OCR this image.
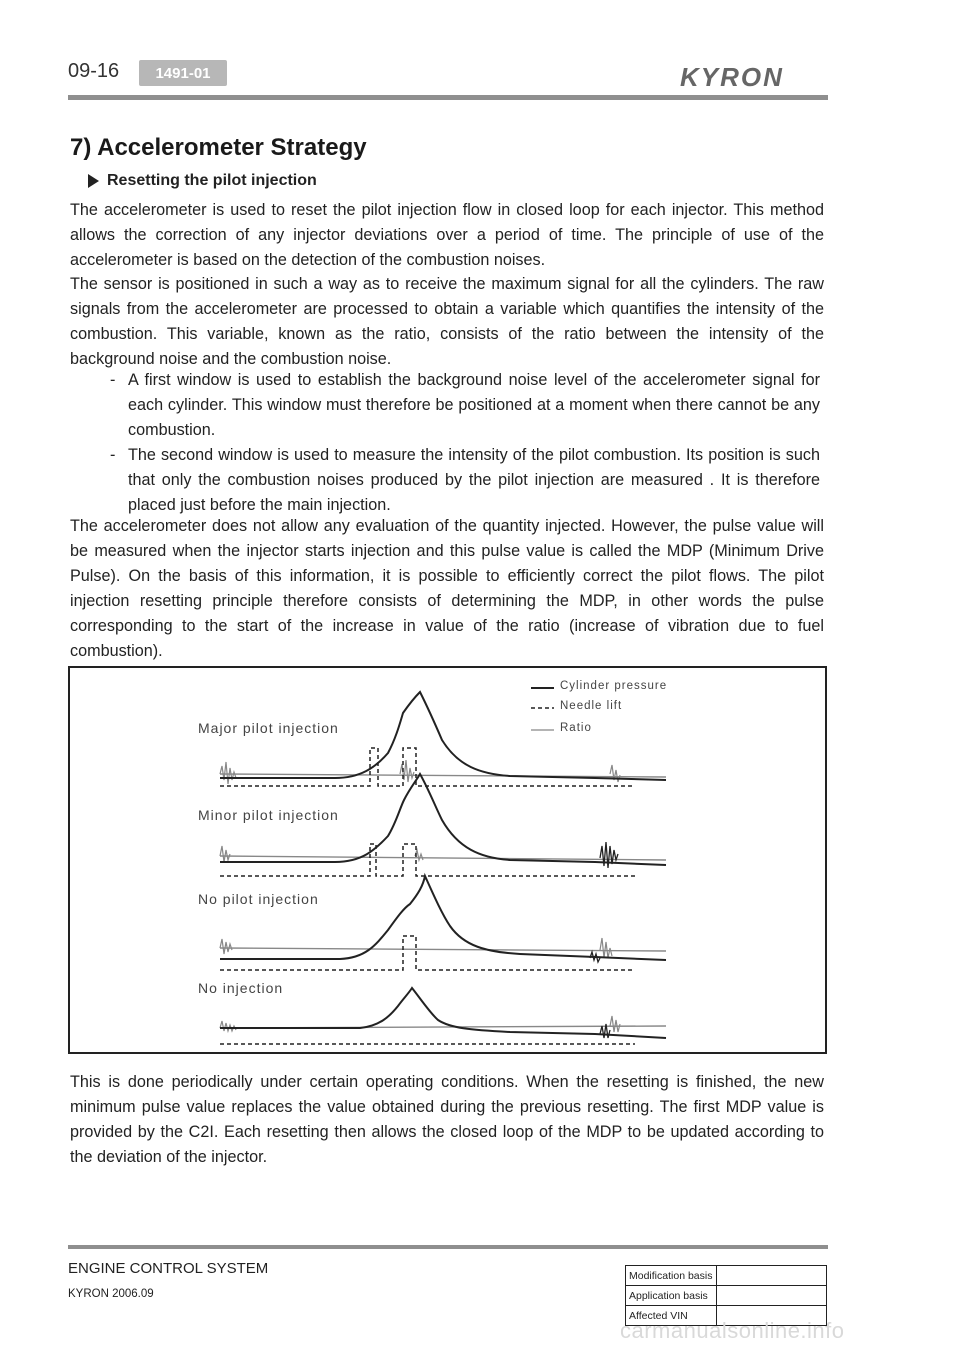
09-16	1491-01	KYRON
7) Accelerometer Strategy
Resetting the pilot injection

The accelerometer is used to reset the pilot injection flow in closed loop for each injector. This method allows the correction of any injector deviations over a period of time. The principle of use of the accelerometer is based on the detection of the combustion noises.

The sensor is positioned in such a way as to receive the maximum signal for all the cylinders. The raw signals from the accelerometer are processed to obtain a variable which quantifies the intensity of the combustion. This variable, known as the ratio, consists of the ratio between the intensity of the background noise and the combustion noise.

- A first window is used to establish the background noise level of the accelerometer signal for each cylinder. This window must therefore be positioned at a moment when there cannot be any combustion.
- The second window is used to measure the intensity of the pilot combustion. Its position is such that only the combustion noises produced by the pilot injection are measured . It is therefore placed just before the main injection.

The accelerometer does not allow any evaluation of the quantity injected. However, the pulse value will be measured when the injector starts injection and this pulse value is called the MDP (Minimum Drive Pulse). On the basis of this information, it is possible to efficiently correct the pilot flows. The pilot injection resetting principle therefore consists of determining the MDP, in other words the pulse corresponding to the start of the increase in value of the ratio (increase of vibration due to fuel combustion).

Cylinder pressure
Needle lift
Ratio
Major pilot injection
Minor pilot injection
No pilot injection
No injection

This is done periodically under certain operating conditions. When the resetting is finished, the new minimum pulse value replaces the value obtained during the previous resetting. The first MDP value is provided by the C2I. Each resetting then allows the closed loop of the MDP to be updated according to the deviation of the injector.

ENGINE CONTROL SYSTEM
KYRON 2006.09
Modification basis	
Application basis	
Affected VIN	
carmanualsonline.info
